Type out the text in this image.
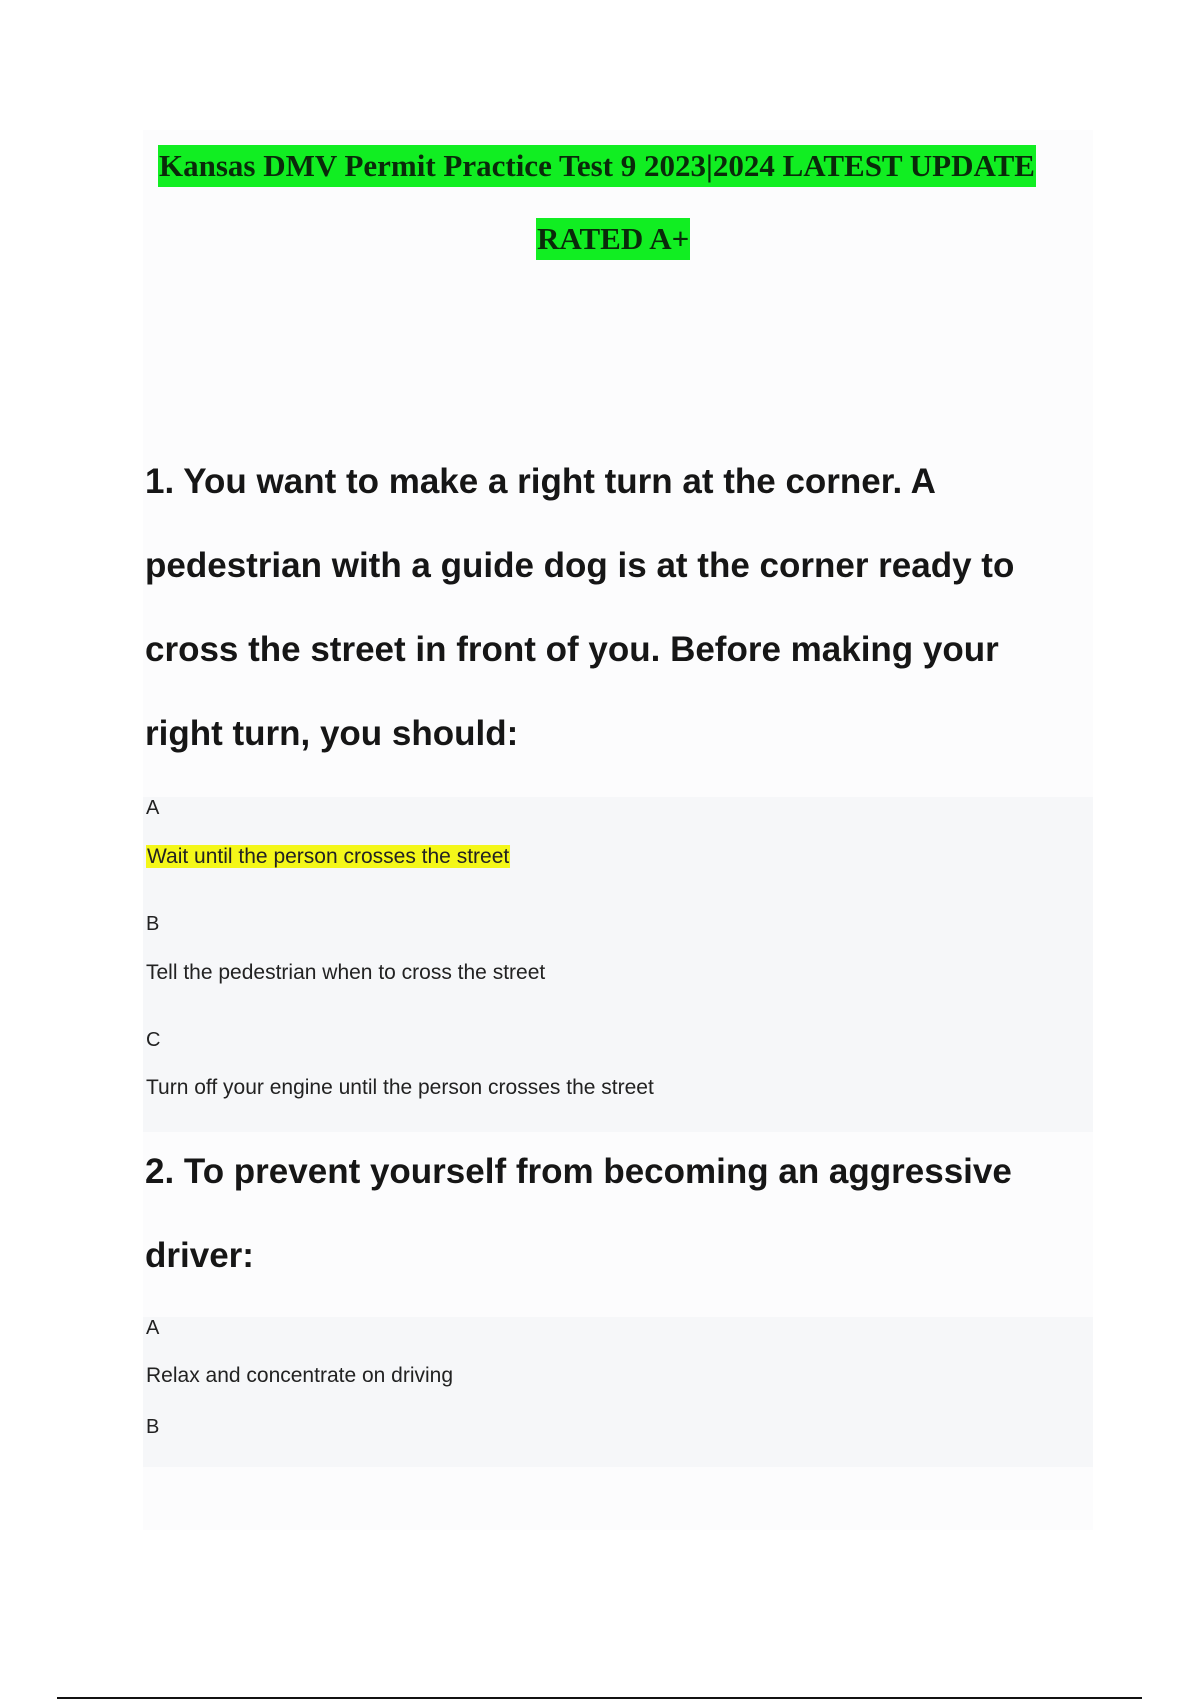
Kansas DMV Permit Practice Test 9 2023|2024 LATEST UPDATE
RATED A+

1. You want to make a right turn at the corner. A pedestrian with a guide dog is at the corner ready to cross the street in front of you. Before making your right turn, you should:

A
Wait until the person crosses the street
B
Tell the pedestrian when to cross the street
C
Turn off your engine until the person crosses the street

2. To prevent yourself from becoming an aggressive driver:

A
Relax and concentrate on driving
B
